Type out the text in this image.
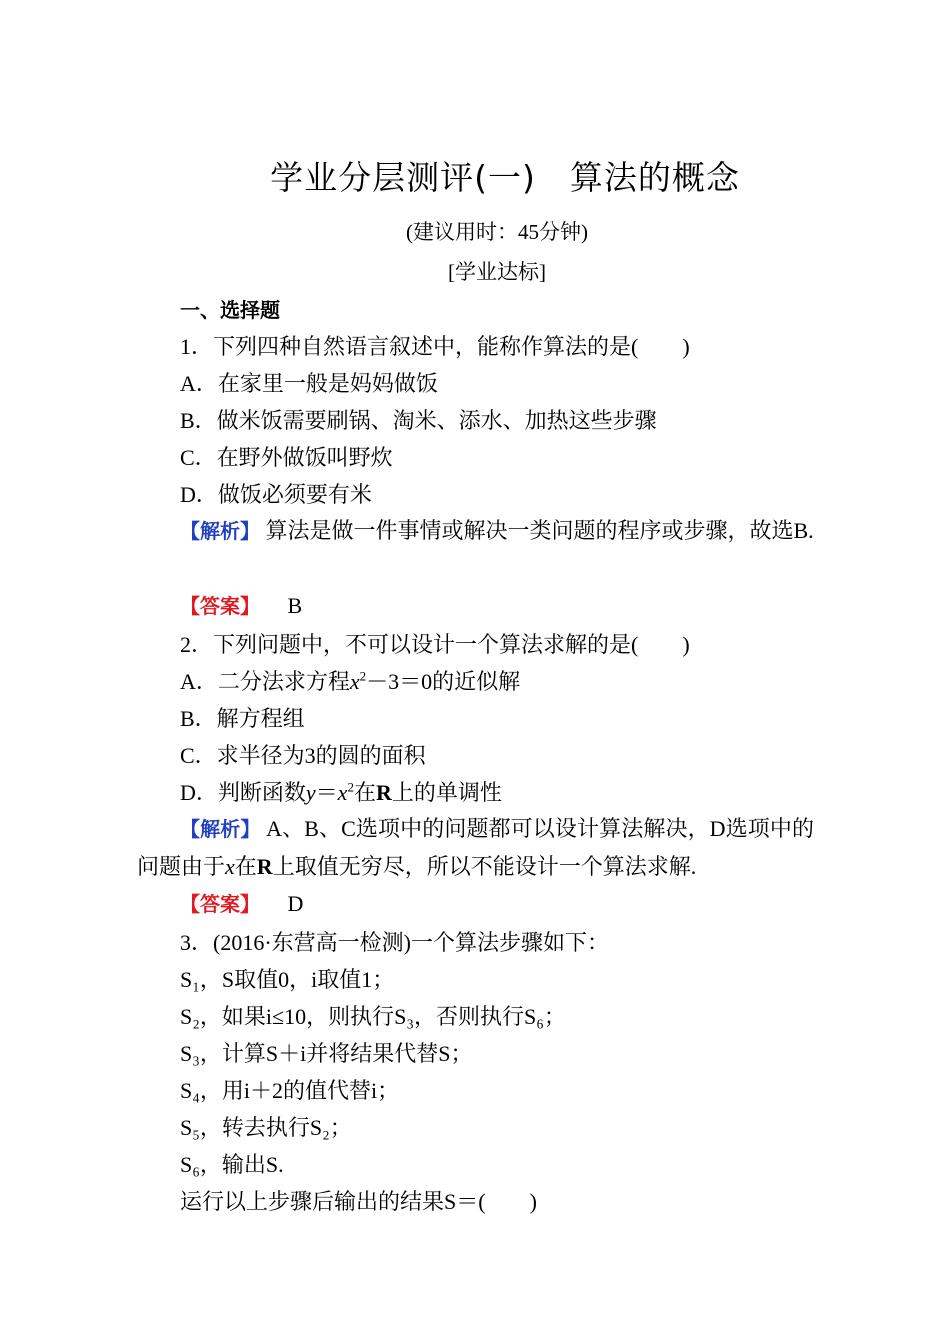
学业分层测评(一)　算法的概念
(建议用时：45分钟)
[学业达标]
一、选择题
1．下列四种自然语言叙述中，能称作算法的是(　　)
A．在家里一般是妈妈做饭
B．做米饭需要刷锅、淘米、添水、加热这些步骤
C．在野外做饭叫野炊
D．做饭必须要有米
【解析】 算法是做一件事情或解决一类问题的程序或步骤，故选B.
【答案】 B
2．下列问题中，不可以设计一个算法求解的是(　　)
A．二分法求方程$x^2-3=0$的近似解
B．解方程组
C．求半径为3的圆的面积
D．判断函数$y=x^2$在R上的单调性
【解析】 A、B、C选项中的问题都可以设计算法解决，D选项中的问题由于x在R上取值无穷尽，所以不能设计一个算法求解.
【答案】 D
3．(2016·东营高一检测)一个算法步骤如下：
S₁，S取值0，i取值1；
S₂，如果i≤10，则执行S₃，否则执行S₆；
S₃，计算S＋i并将结果代替S；
S₄，用i＋2的值代替i；
S₅，转去执行S₂；
S₆，输出S.
运行以上步骤后输出的结果S＝(　　)
